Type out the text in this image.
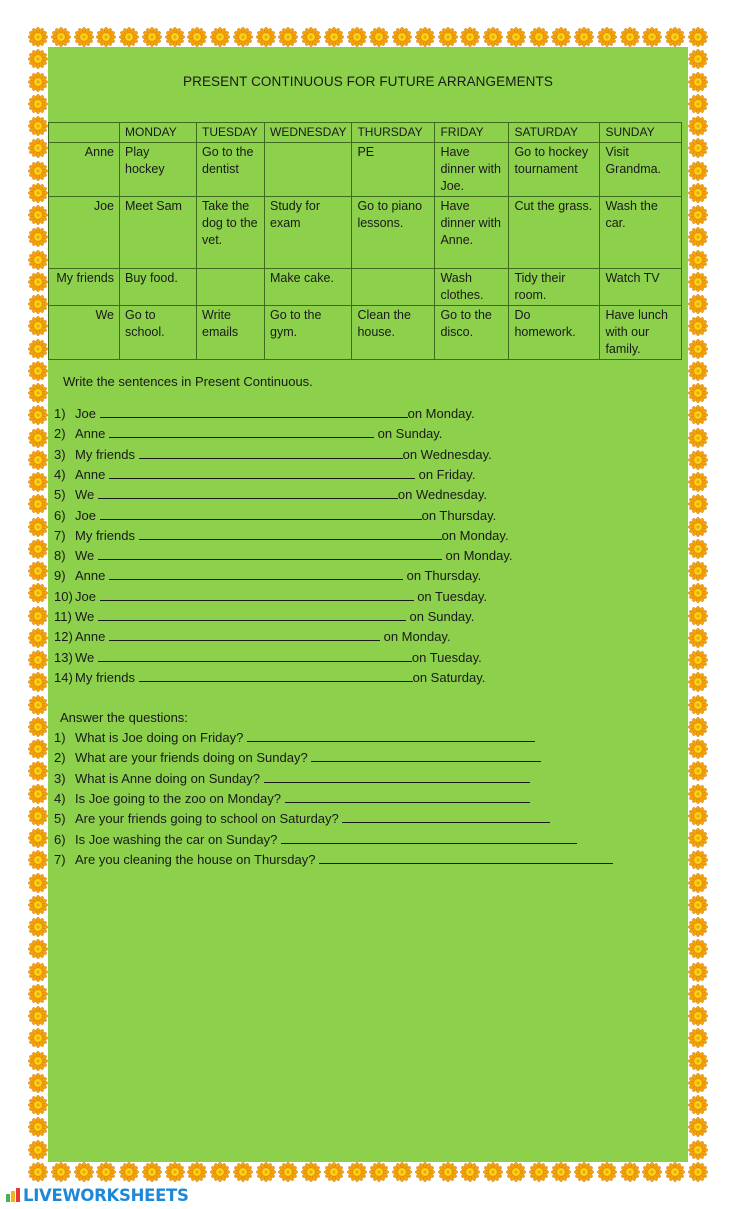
PRESENT CONTINUOUS FOR FUTURE ARRANGEMENTS
	MONDAY	TUESDAY	WEDNESDAY	THURSDAY	FRIDAY	SATURDAY	SUNDAY
Anne	Play hockey	Go to the dentist		PE	Have dinner with Joe.	Go to hockey tournament	Visit Grandma.
Joe	Meet Sam	Take the dog to the vet.	Study for exam	Go to piano lessons.	Have dinner with Anne.	Cut the grass.	Wash the car.
My friends	Buy food.		Make cake.		Wash clothes.	Tidy their room.	Watch TV
We	Go to school.	Write emails	Go to the gym.	Clean the house.	Go to the disco.	Do homework.	Have lunch with our family.
Write the sentences in Present Continuous.
1) Joe	on Monday.
2) Anne	on Sunday.
3) My friends	on Wednesday.
4) Anne	on Friday.
5) We	on Wednesday.
6) Joe	on Thursday.
7) My friends	on Monday.
8) We	on Monday.
9) Anne	on Thursday.
10) Joe	on Tuesday.
11) We	on Sunday.
12) Anne	on Monday.
13) We	on Tuesday.
14) My friends	on Saturday.
Answer the questions:
1) What is Joe doing on Friday?
2) What are your friends doing on Sunday?
3) What is Anne doing on Sunday?
4) Is Joe going to the zoo on Monday?
5) Are your friends going to school on Saturday?
6) Is Joe washing the car on Sunday?
7) Are you cleaning the house on Thursday?
LIVEWORKSHEETS
